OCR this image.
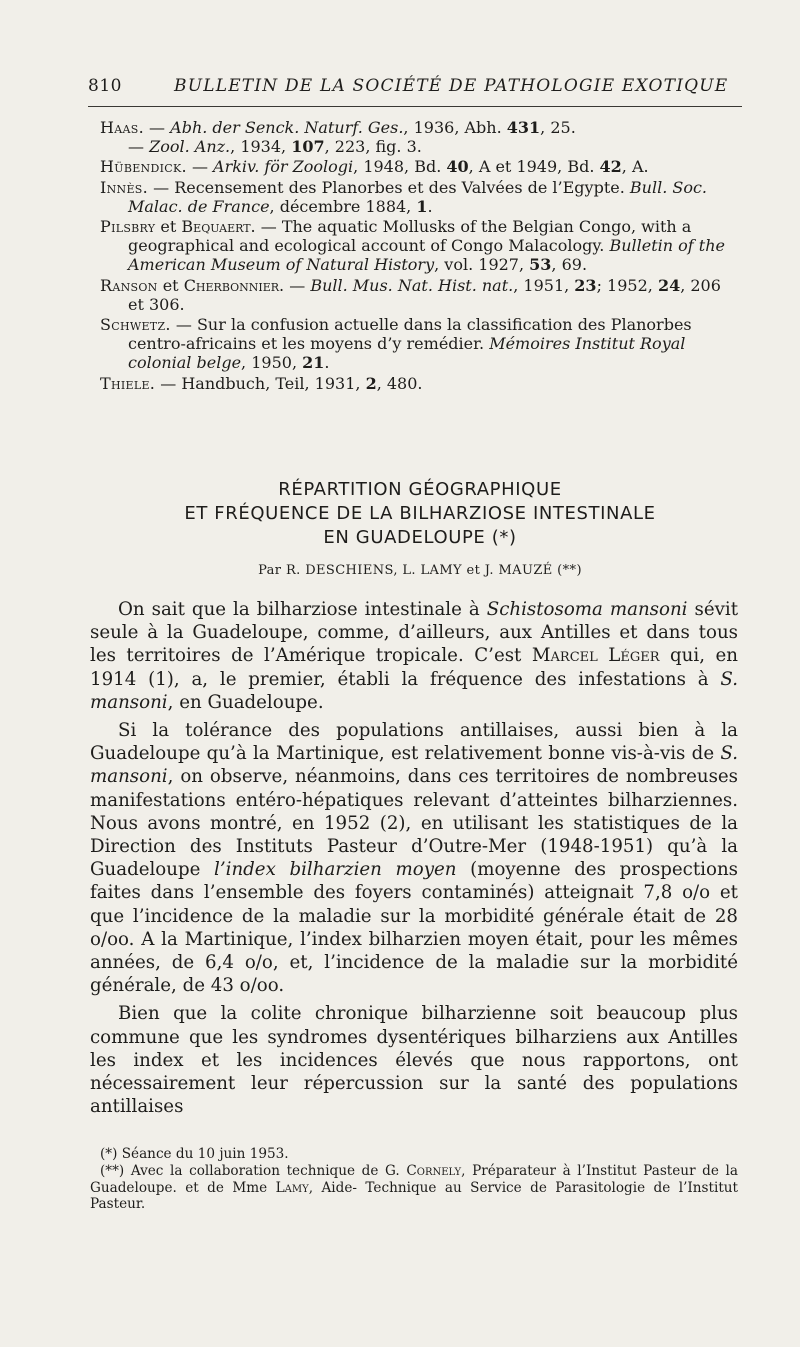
810	BULLETIN DE LA SOCIÉTÉ DE PATHOLOGIE EXOTIQUE
Haas. — Abh. der Senck. Naturf. Ges., 1936, Abh. 431, 25.
— Zool. Anz., 1934, 107, 223, fig. 3.
Hübendick. — Arkiv. för Zoologi, 1948, Bd. 40, A et 1949, Bd. 42, A.
Innès. — Recensement des Planorbes et des Valvées de l’Egypte. Bull. Soc. Malac. de France, décembre 1884, 1.
Pilsbry et Bequaert. — The aquatic Mollusks of the Belgian Congo, with a geographical and ecological account of Congo Malacology. Bulletin of the American Museum of Natural History, vol. 1927, 53, 69.
Ranson et Cherbonnier. — Bull. Mus. Nat. Hist. nat., 1951, 23; 1952, 24, 206 et 306.
Schwetz. — Sur la confusion actuelle dans la classification des Planorbes centro-africains et les moyens d’y remédier. Mémoires Institut Royal colonial belge, 1950, 21.
Thiele. — Handbuch, Teil, 1931, 2, 480.
RÉPARTITION GÉOGRAPHIQUE
ET FRÉQUENCE DE LA BILHARZIOSE INTESTINALE
EN GUADELOUPE (*)
Par R. DESCHIENS, L. LAMY et J. MAUZÉ (**)

On sait que la bilharziose intestinale à Schistosoma mansoni sévit seule à la Guadeloupe, comme, d’ailleurs, aux Antilles et dans tous les territoires de l’Amérique tropicale. C’est Marcel Léger qui, en 1914 (1), a, le premier, établi la fréquence des infestations à S. mansoni, en Guadeloupe.

Si la tolérance des populations antillaises, aussi bien à la Guadeloupe qu’à la Martinique, est relativement bonne vis-à-vis de S. mansoni, on observe, néanmoins, dans ces territoires de nombreuses manifestations entéro-hépatiques relevant d’atteintes bilharziennes. Nous avons montré, en 1952 (2), en utilisant les statistiques de la Direction des Instituts Pasteur d’Outre-Mer (1948-1951) qu’à la Guadeloupe l’index bilharzien moyen (moyenne des prospections faites dans l’ensemble des foyers contaminés) atteignait 7,8 o/o et que l’incidence de la maladie sur la morbidité générale était de 28 o/oo. A la Martinique, l’index bilharzien moyen était, pour les mêmes années, de 6,4 o/o, et, l’incidence de la maladie sur la morbidité générale, de 43 o/oo.

Bien que la colite chronique bilharzienne soit beaucoup plus commune que les syndromes dysentériques bilharziens aux Antilles les index et les incidences élevés que nous rapportons, ont nécessairement leur répercussion sur la santé des populations antillaises

(*) Séance du 10 juin 1953.

(**) Avec la collaboration technique de G. Cornely, Préparateur à l’Institut Pasteur de la Guadeloupe. et de Mme Lamy, Aide- Technique au Service de Parasitologie de l’Institut Pasteur.
